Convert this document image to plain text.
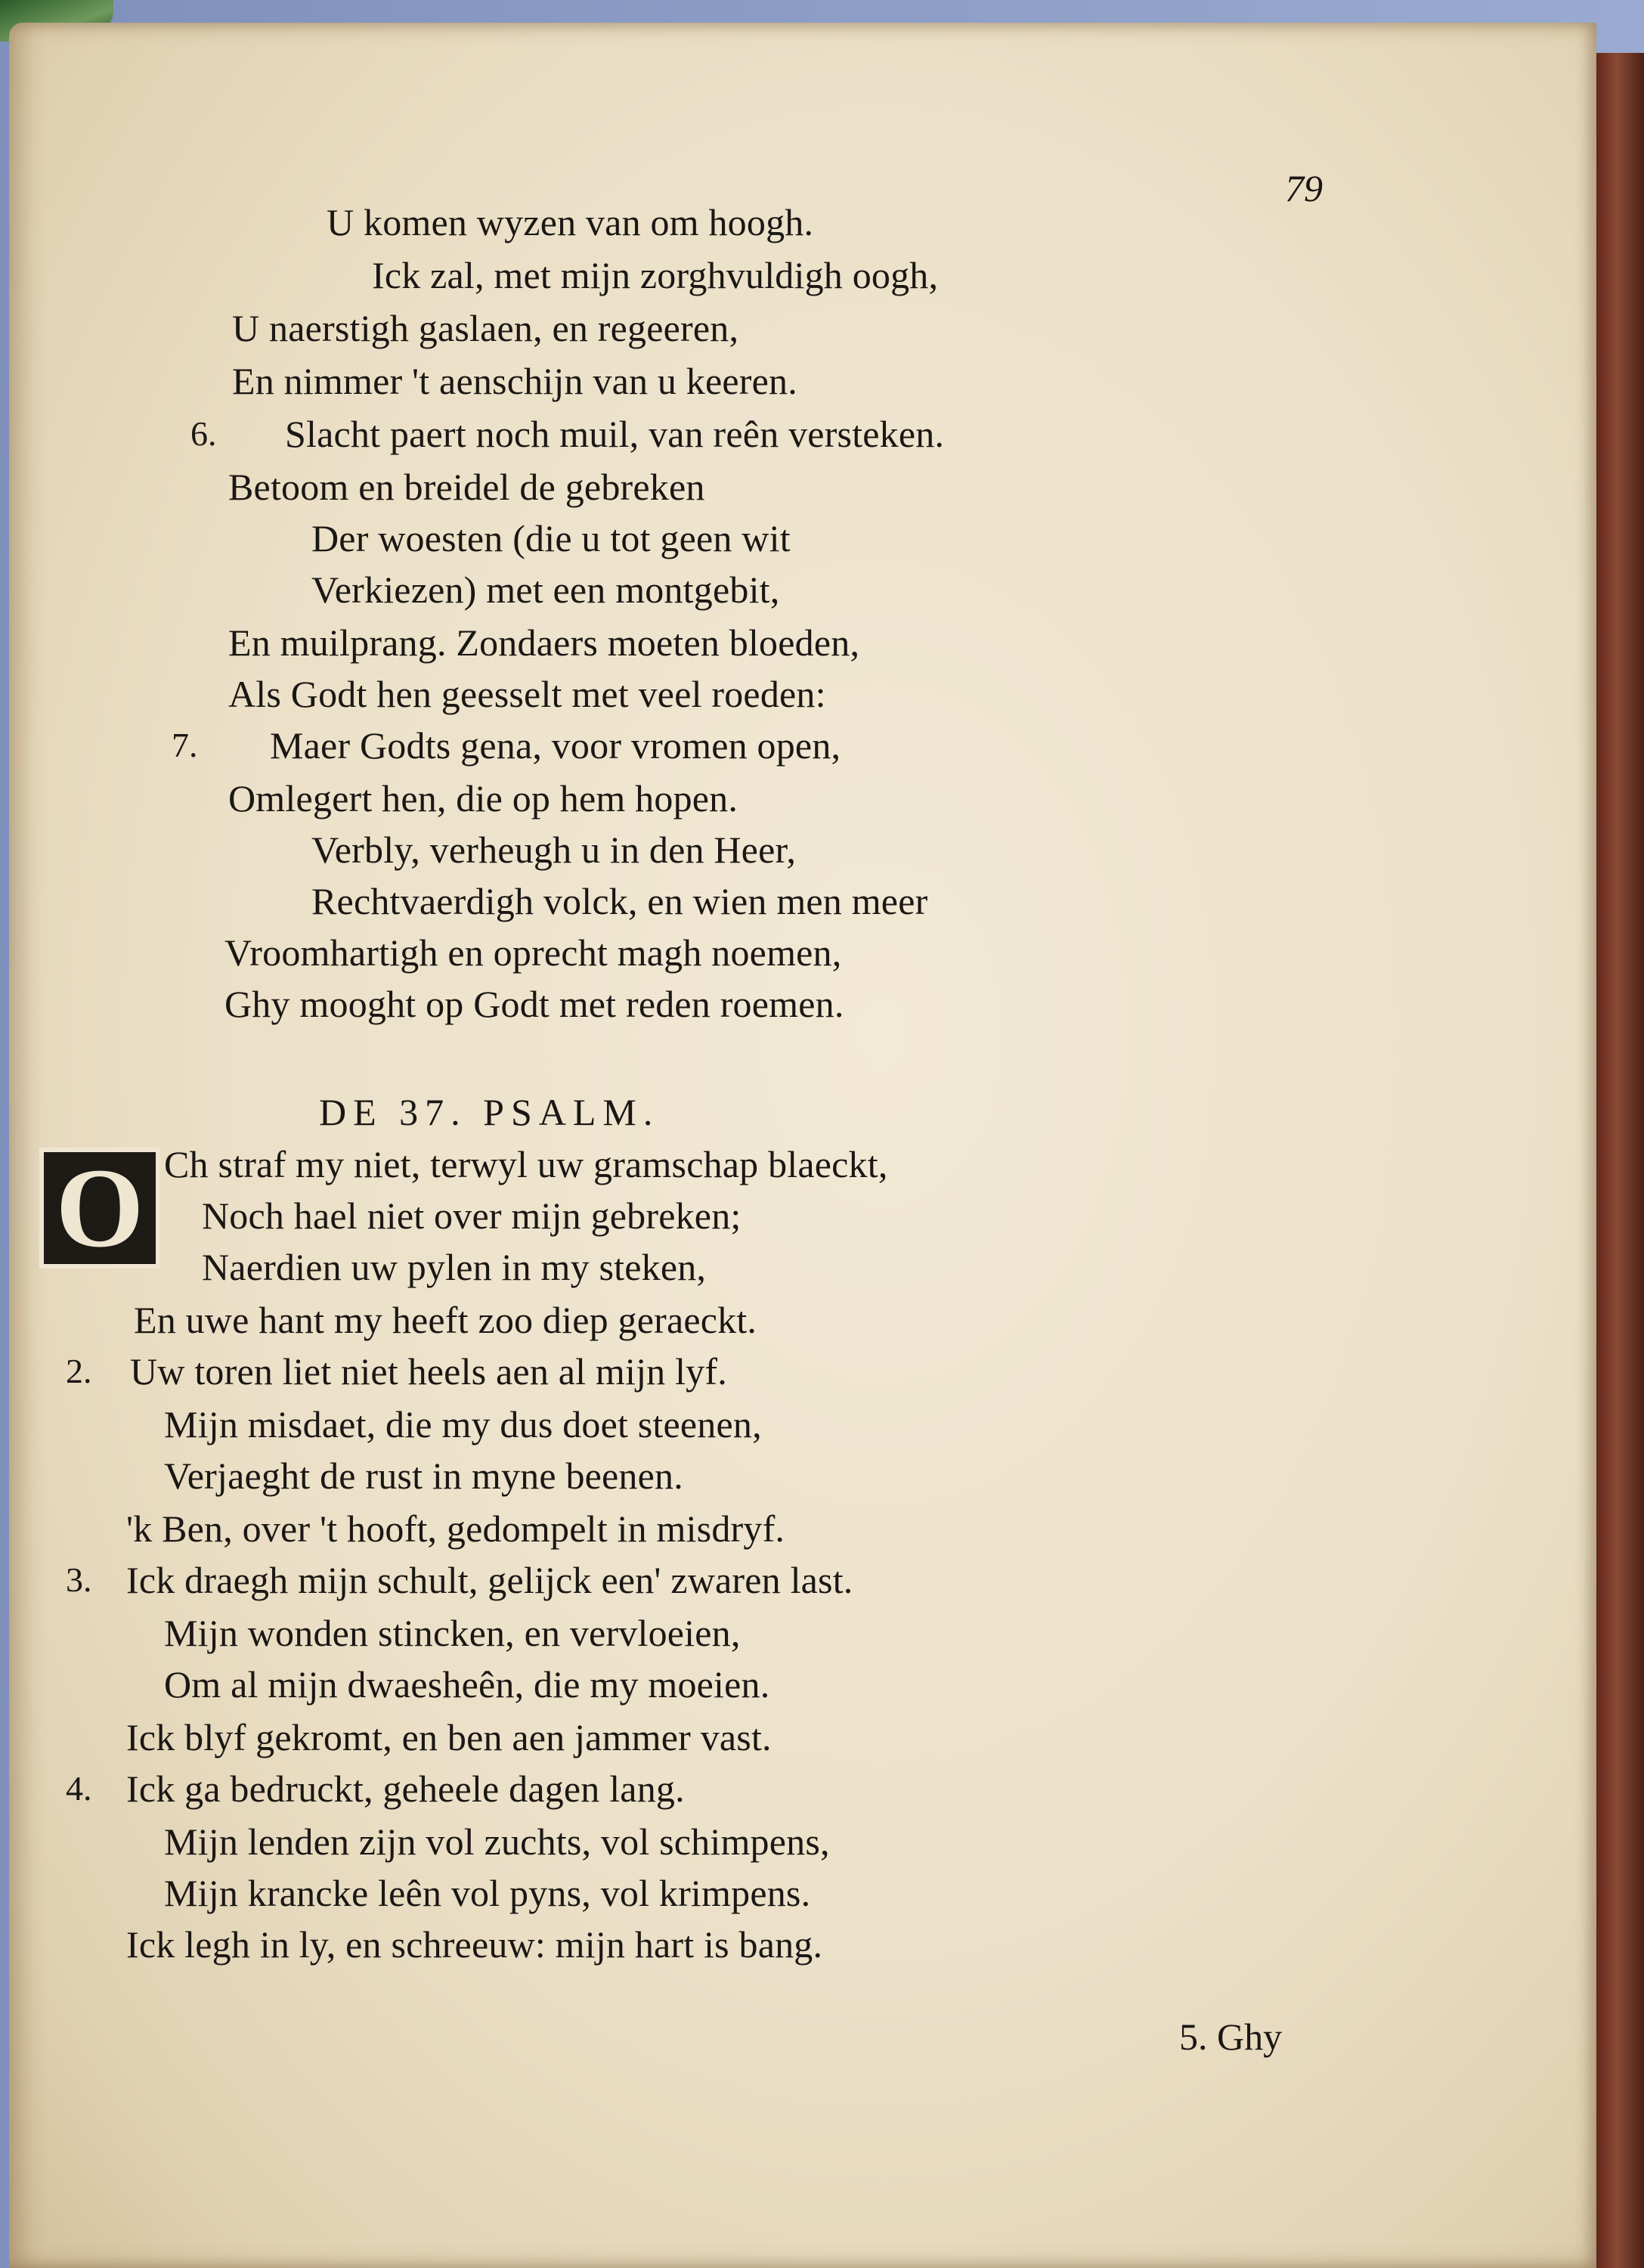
79
U komen wyzen van om hoogh.
Ick zal, met mijn zorghvuldigh oogh,
U naerstigh gaslaen, en regeeren,
En nimmer 't aenschijn van u keeren.
6. Slacht paert noch muil, van reên versteken.
Betoom en breidel de gebreken
Der woesten (die u tot geen wit
Verkiezen) met een montgebit,
En muilprang. Zondaers moeten bloeden,
Als Godt hen geesselt met veel roeden:
7. Maer Godts gena, voor vromen open,
Omlegert hen, die op hem hopen.
Verbly, verheugh u in den Heer,
Rechtvaerdigh volck, en wien men meer
Vroomhartigh en oprecht magh noemen,
Ghy mooght op Godt met reden roemen.
DE 37. PSALM.
O Ch straf my niet, terwyl uw gramschap blaeckt,
Noch hael niet over mijn gebreken;
Naerdien uw pylen in my steken,
En uwe hant my heeft zoo diep geraeckt.
2. Uw toren liet niet heels aen al mijn lyf.
Mijn misdaet, die my dus doet steenen,
Verjaeght de rust in myne beenen.
'k Ben, over 't hooft, gedompelt in misdryf.
3. Ick draegh mijn schult, gelijck een' zwaren last.
Mijn wonden stincken, en vervloeien,
Om al mijn dwaesheên, die my moeien.
Ick blyf gekromt, en ben aen jammer vast.
4. Ick ga bedruckt, geheele dagen lang.
Mijn lenden zijn vol zuchts, vol schimpens,
Mijn krancke leên vol pyns, vol krimpens.
Ick legh in ly, en schreeuw: mijn hart is bang.
5. Ghy
